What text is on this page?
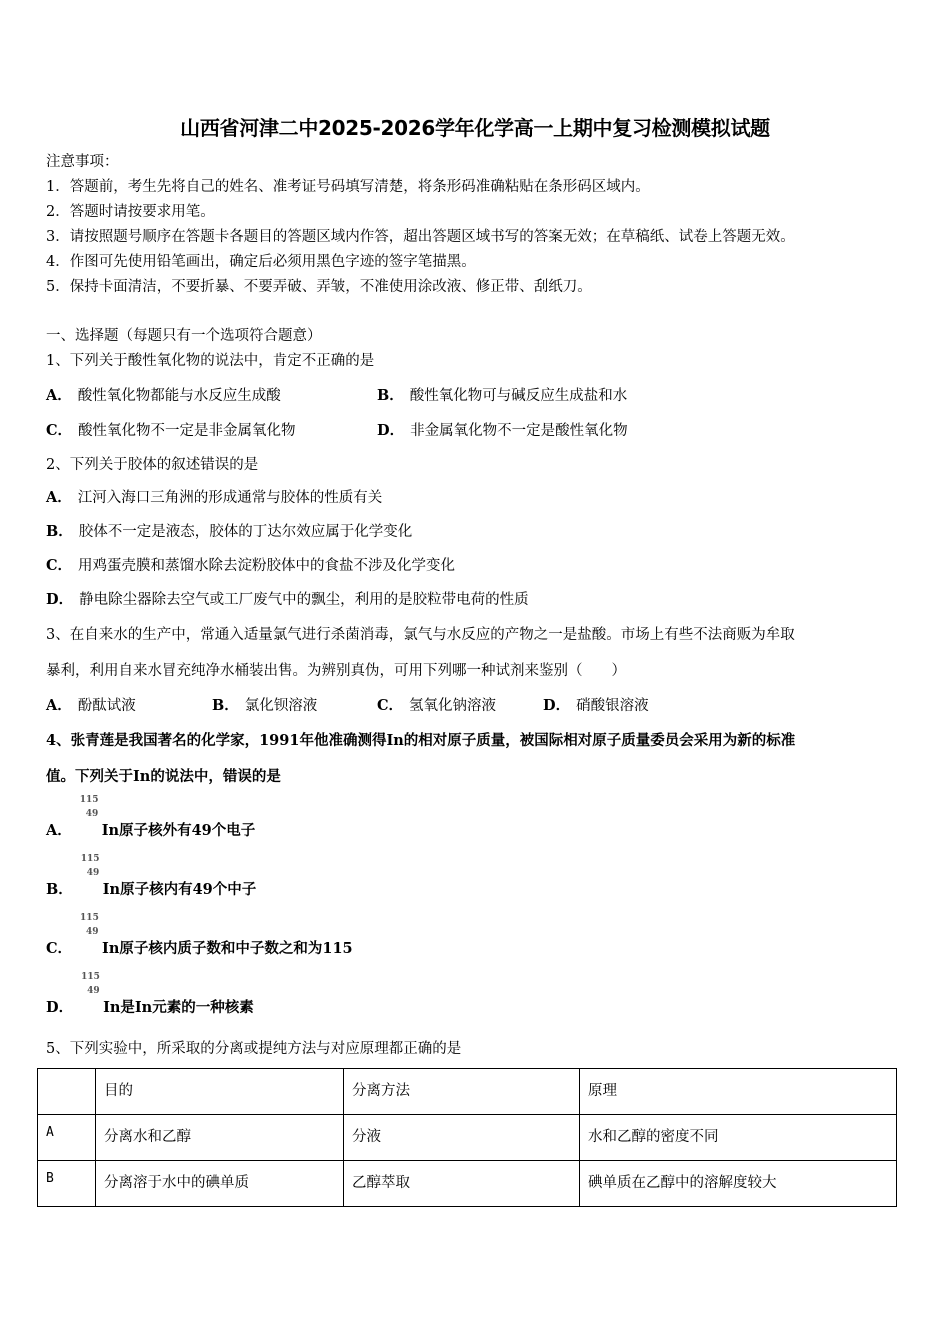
山西省河津二中2025-2026学年化学高一上期中复习检测模拟试题
注意事项：
1．答题前，考生先将自己的姓名、准考证号码填写清楚，将条形码准确粘贴在条形码区域内。
2．答题时请按要求用笔。
3．请按照题号顺序在答题卡各题目的答题区域内作答，超出答题区域书写的答案无效；在草稿纸、试卷上答题无效。
4．作图可先使用铅笔画出，确定后必须用黑色字迹的签字笔描黑。
5．保持卡面清洁，不要折暴、不要弄破、弄皱，不准使用涂改液、修正带、刮纸刀。
一、选择题（每题只有一个选项符合题意）
1、下列关于酸性氧化物的说法中，肯定不正确的是
A． 酸性氧化物都能与水反应生成酸	B． 酸性氧化物可与碱反应生成盐和水
C． 酸性氧化物不一定是非金属氧化物	D． 非金属氧化物不一定是酸性氧化物
2、下列关于胶体的叙述错误的是
A． 江河入海口三角洲的形成通常与胶体的性质有关
B． 胶体不一定是液态，胶体的丁达尔效应属于化学变化
C． 用鸡蛋壳膜和蒸馏水除去淀粉胶体中的食盐不涉及化学变化
D． 静电除尘器除去空气或工厂废气中的飘尘，利用的是胶粒带电荷的性质
3、在自来水的生产中，常通入适量氯气进行杀菌消毒，氯气与水反应的产物之一是盐酸。市场上有些不法商贩为牟取
暴利，利用自来水冒充纯净水桶装出售。为辨别真伪，可用下列哪一种试剂来鉴别（　　）
A． 酚酞试液	B． 氯化钡溶液	C． 氢氧化钠溶液	D． 硝酸银溶液
4、张青莲是我国著名的化学家，1991年他准确测得In的相对原子质量，被国际相对原子质量委员会采用为新的标准
值。下列关于In的说法中，错误的是
A．
115
49
In原子核外有49个电子
B．
115
49
In原子核内有49个中子
C．
115
49
In原子核内质子数和中子数之和为115
D．
115
49
In是In元素的一种核素
5、下列实验中，所采取的分离或提纯方法与对应原理都正确的是
	目的	分离方法	原理
A	分离水和乙醇	分液	水和乙醇的密度不同
B	分离溶于水中的碘单质	乙醇萃取	碘单质在乙醇中的溶解度较大
